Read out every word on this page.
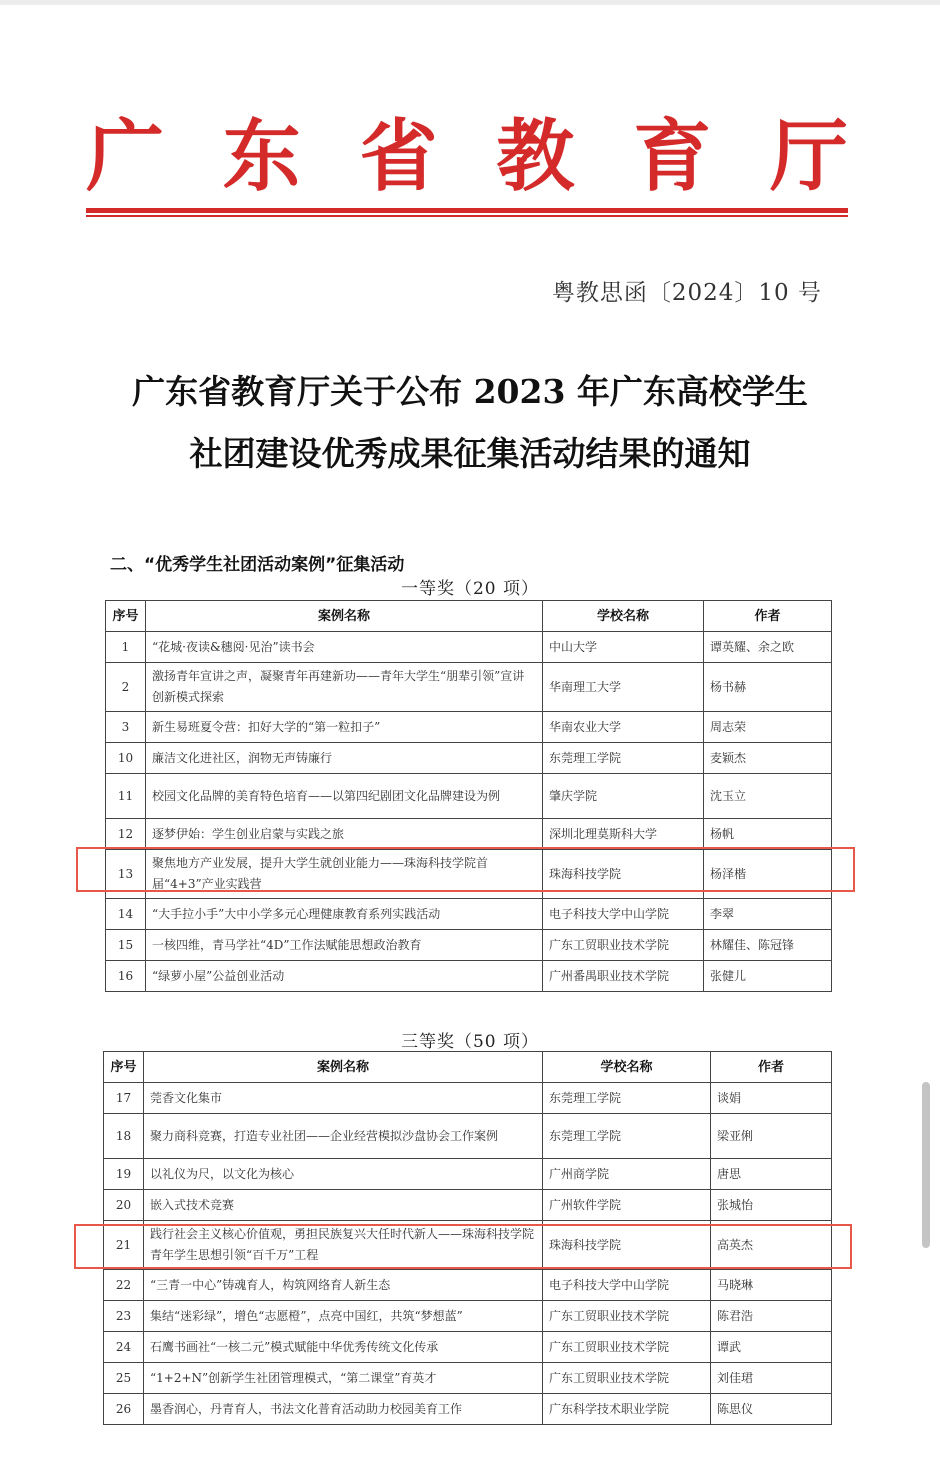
广 东 省 教 育 厅
粤教思函〔2024〕10 号
广东省教育厅关于公布 2023 年广东高校学生
社团建设优秀成果征集活动结果的通知
二、“优秀学生社团活动案例”征集活动
一等奖（20 项）
序号	案例名称	学校名称	作者
1	“花城·夜读&穗阅·见治”读书会	中山大学	谭英耀、余之欧
2	激扬青年宣讲之声，凝聚青年再建新功——青年大学生“朋辈引领”宣讲创新模式探索	华南理工大学	杨书赫
3	新生易班夏令营：扣好大学的“第一粒扣子”	华南农业大学	周志荣
10	廉洁文化进社区，润物无声铸廉行	东莞理工学院	麦颖杰
11	校园文化品牌的美育特色培育——以第四纪剧团文化品牌建设为例	肇庆学院	沈玉立
12	逐梦伊始：学生创业启蒙与实践之旅	深圳北理莫斯科大学	杨帆
13	聚焦地方产业发展，提升大学生就创业能力——珠海科技学院首届“4+3”产业实践营	珠海科技学院	杨泽楷
14	“大手拉小手”大中小学多元心理健康教育系列实践活动	电子科技大学中山学院	李翠
15	一核四维，青马学社“4D”工作法赋能思想政治教育	广东工贸职业技术学院	林耀佳、陈冠锋
16	“绿萝小屋”公益创业活动	广州番禺职业技术学院	张健儿
三等奖（50 项）
序号	案例名称	学校名称	作者
17	莞香文化集市	东莞理工学院	谈娟
18	聚力商科竞赛，打造专业社团——企业经营模拟沙盘协会工作案例	东莞理工学院	梁亚俐
19	以礼仪为尺，以文化为核心	广州商学院	唐思
20	嵌入式技术竞赛	广州软件学院	张城怡
21	践行社会主义核心价值观，勇担民族复兴大任时代新人——珠海科技学院青年学生思想引领“百千万”工程	珠海科技学院	高英杰
22	“三青一中心”铸魂育人，构筑网络育人新生态	电子科技大学中山学院	马晓琳
23	集结“迷彩绿”，增色“志愿橙”，点亮中国红，共筑“梦想蓝”	广东工贸职业技术学院	陈君浩
24	石鹰书画社“一核二元”模式赋能中华优秀传统文化传承	广东工贸职业技术学院	谭武
25	“1+2+N”创新学生社团管理模式，“第二课堂”育英才	广东工贸职业技术学院	刘佳珺
26	墨香润心，丹青育人，书法文化普育活动助力校园美育工作	广东科学技术职业学院	陈思仪
